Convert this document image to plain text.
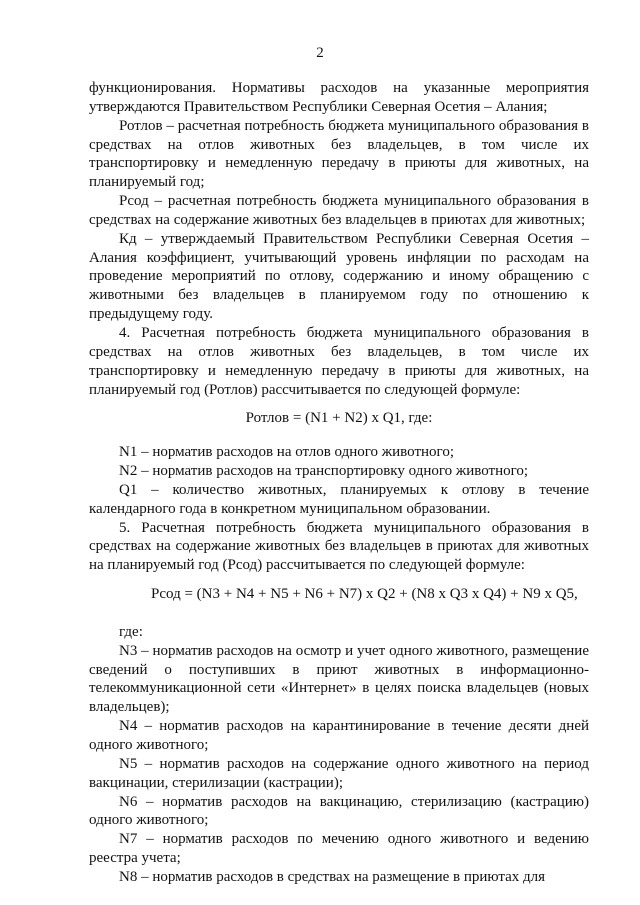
2

функционирования. Нормативы расходов на указанные мероприятия утверждаются Правительством Республики Северная Осетия – Алания;

Ротлов – расчетная потребность бюджета муниципального образования в средствах на отлов животных без владельцев, в том числе их транспортировку и немедленную передачу в приюты для животных, на планируемый год;

Рсод – расчетная потребность бюджета муниципального образования в средствах на содержание животных без владельцев в приютах для животных;

Кд – утверждаемый Правительством Республики Северная Осетия – Алания коэффициент, учитывающий уровень инфляции по расходам на проведение мероприятий по отлову, содержанию и иному обращению с животными без владельцев в планируемом году по отношению к предыдущему году.

4. Расчетная потребность бюджета муниципального образования в средствах на отлов животных без владельцев, в том числе их транспортировку и немедленную передачу в приюты для животных, на планируемый год (Ротлов) рассчитывается по следующей формуле:

Ротлов = (N1 + N2) х Q1, где:

N1 – норматив расходов на отлов одного животного;

N2 – норматив расходов на транспортировку одного животного;

Q1 – количество животных, планируемых к отлову в течение календарного года в конкретном муниципальном образовании.

5. Расчетная потребность бюджета муниципального образования в средствах на содержание животных без владельцев в приютах для животных на планируемый год (Рсод) рассчитывается по следующей формуле:

Рсод = (N3 + N4 + N5 + N6 + N7) х Q2 + (N8 х Q3 х Q4) + N9 х Q5,

где:

N3 – норматив расходов на осмотр и учет одного животного, размещение сведений о поступивших в приют животных в информационно-телекоммуникационной сети «Интернет» в целях поиска владельцев (новых владельцев);

N4 – норматив расходов на карантинирование в течение десяти дней одного животного;

N5 – норматив расходов на содержание одного животного на период вакцинации, стерилизации (кастрации);

N6 – норматив расходов на вакцинацию, стерилизацию (кастрацию) одного животного;

N7 – норматив расходов по мечению одного животного и ведению реестра учета;

N8 – норматив расходов в средствах на размещение в приютах для
